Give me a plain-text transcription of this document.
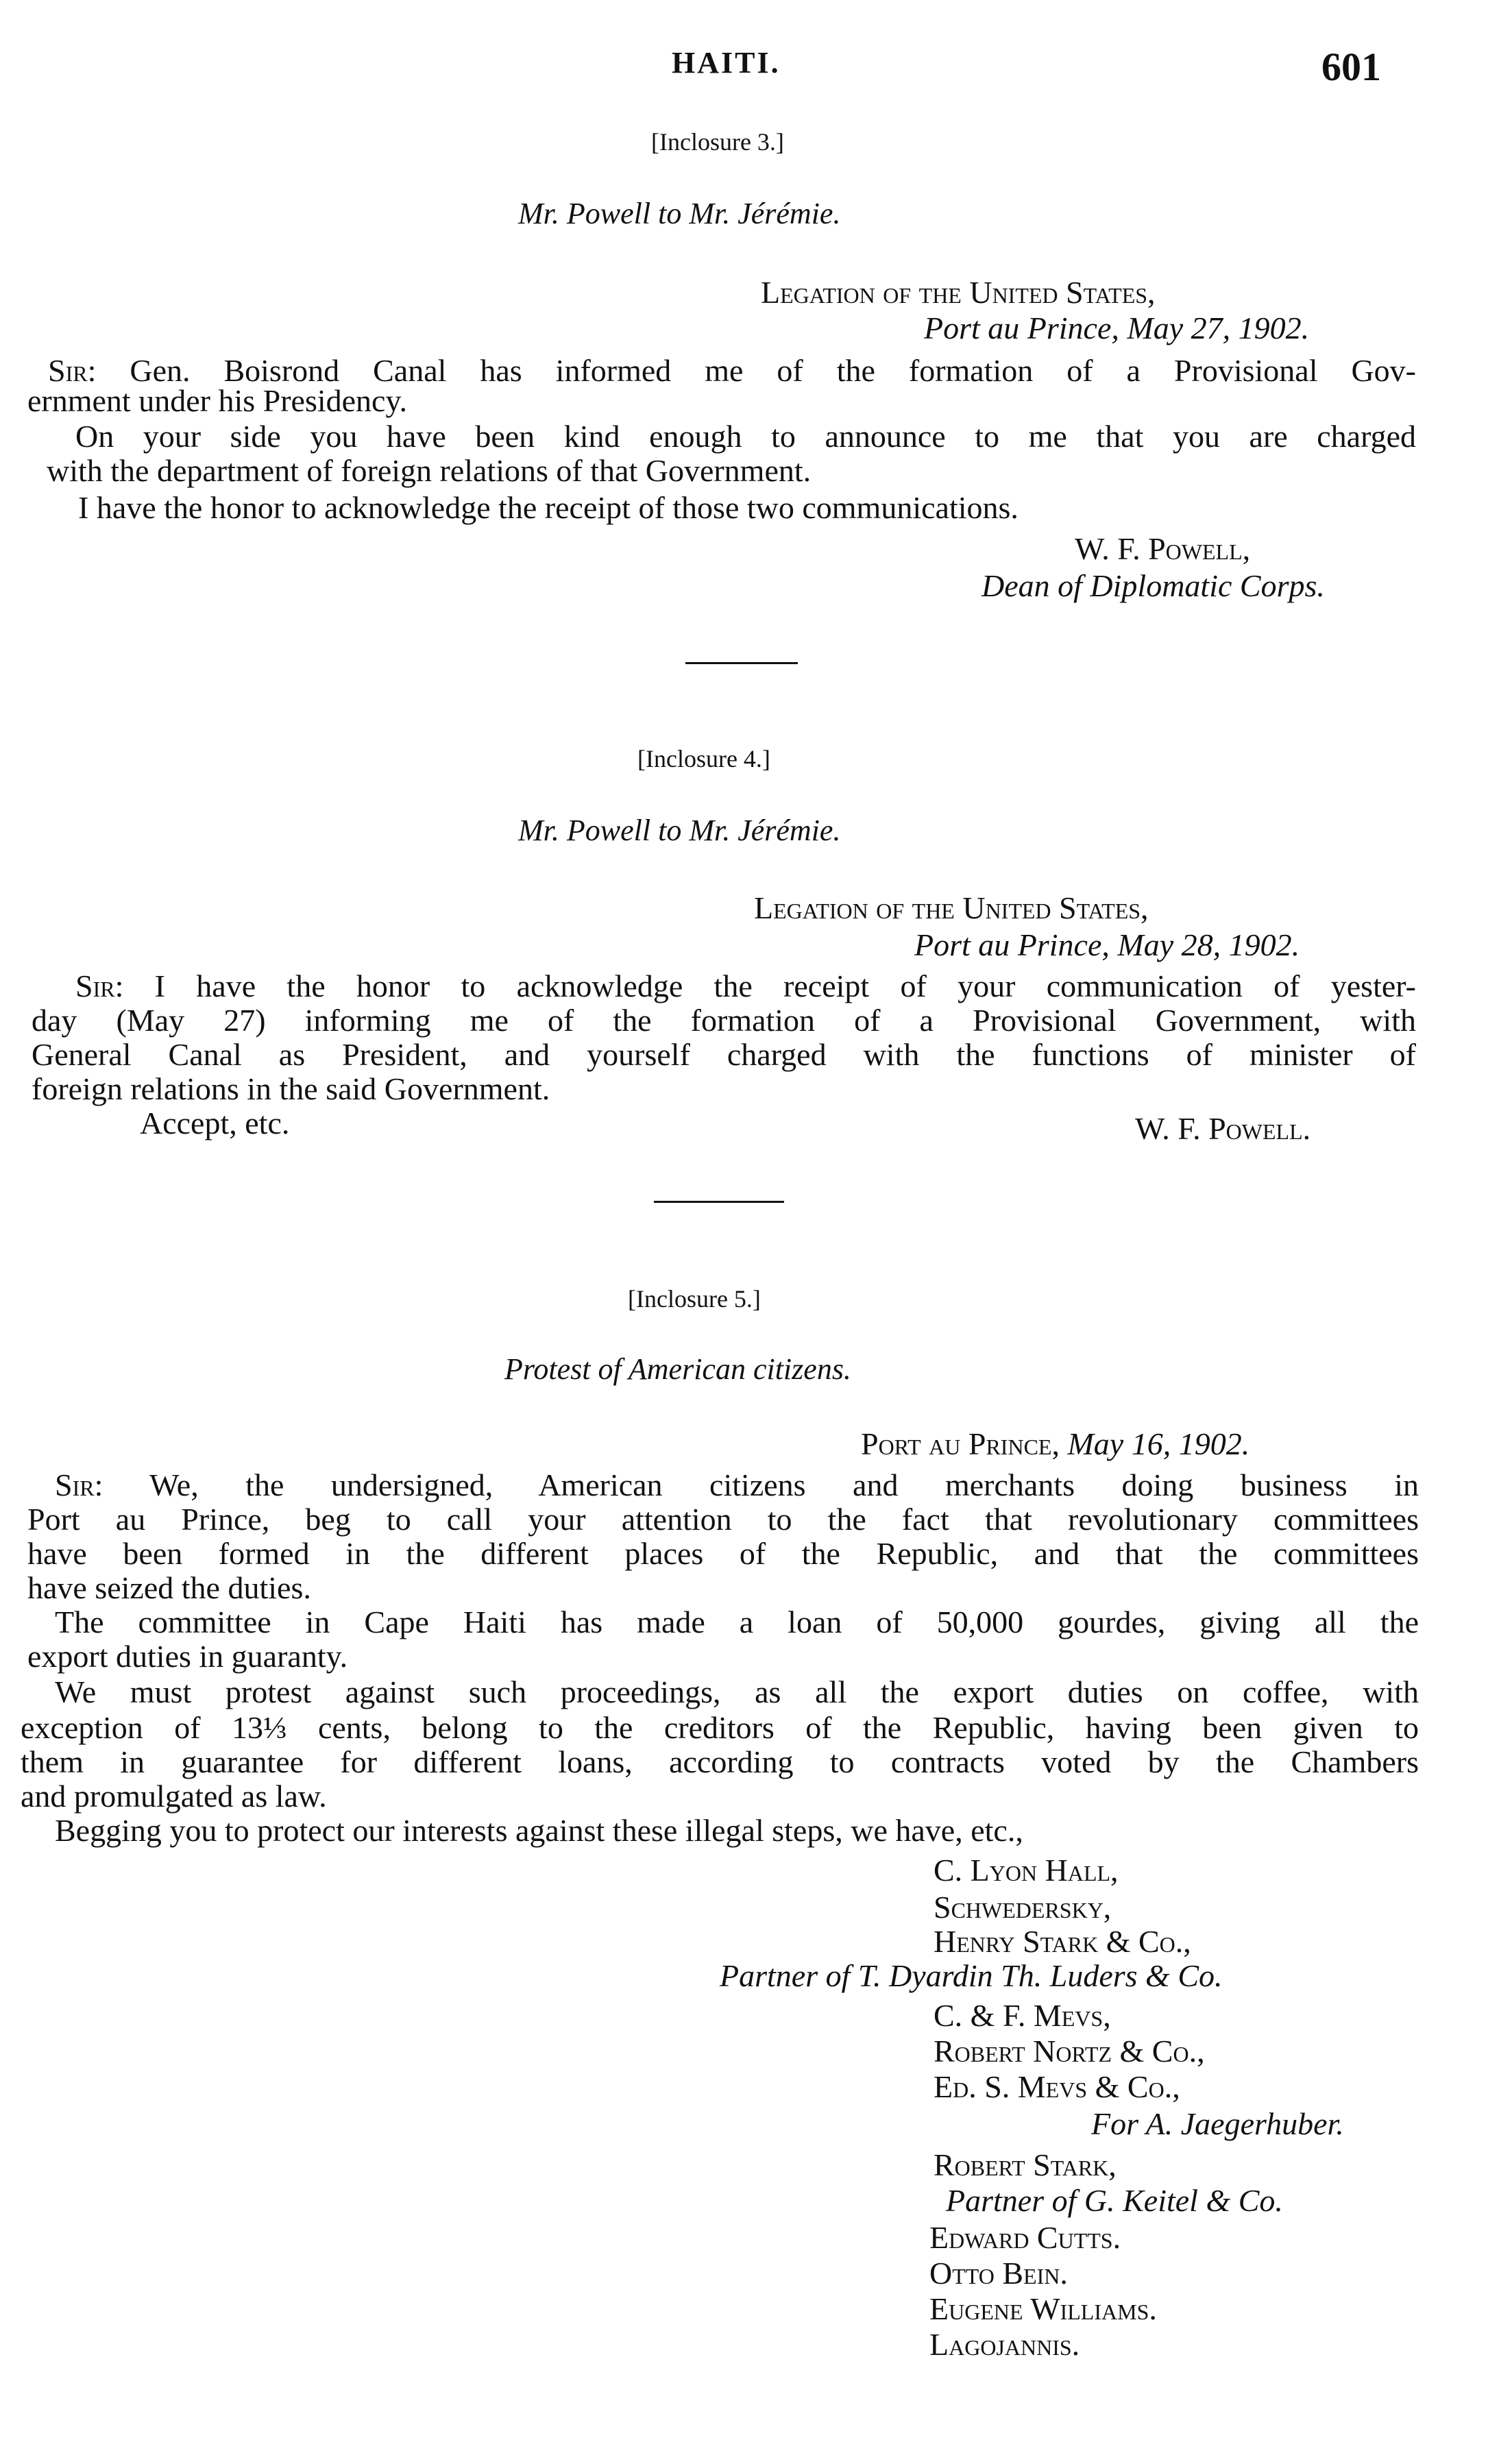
HAITI.	601
[Inclosure 3.]
Mr. Powell to Mr. Jérémie.
Legation of the United States,
Port au Prince, May 27, 1902.
Sir: Gen. Boisrond Canal has informed me of the formation of a Provisional Gov-
ernment under his Presidency.
On your side you have been kind enough to announce to me that you are charged
with the department of foreign relations of that Government.
I have the honor to acknowledge the receipt of those two communications.
W. F. Powell,
Dean of Diplomatic Corps.
[Inclosure 4.]
Mr. Powell to Mr. Jérémie.
Legation of the United States,
Port au Prince, May 28, 1902.
Sir: I have the honor to acknowledge the receipt of your communication of yester-
day (May 27) informing me of the formation of a Provisional Government, with
General Canal as President, and yourself charged with the functions of minister of
foreign relations in the said Government.
Accept, etc.	W. F. Powell.
[Inclosure 5.]
Protest of American citizens.
Port au Prince, May 16, 1902.
Sir: We, the undersigned, American citizens and merchants doing business in
Port au Prince, beg to call your attention to the fact that revolutionary committees
have been formed in the different places of the Republic, and that the committees
have seized the duties.
The committee in Cape Haiti has made a loan of 50,000 gourdes, giving all the
export duties in guaranty.
We must protest against such proceedings, as all the export duties on coffee, with
exception of 13⅓ cents, belong to the creditors of the Republic, having been given to
them in guarantee for different loans, according to contracts voted by the Chambers
and promulgated as law.
Begging you to protect our interests against these illegal steps, we have, etc.,
C. Lyon Hall,
Schwedersky,
Henry Stark & Co.,
Partner of T. Dyardin Th. Luders & Co.
C. & F. Mevs,
Robert Nortz & Co.,
Ed. S. Mevs & Co.,
For A. Jaegerhuber.
Robert Stark,
Partner of G. Keitel & Co.
Edward Cutts.
Otto Bein.
Eugene Williams.
Lagojannis.
